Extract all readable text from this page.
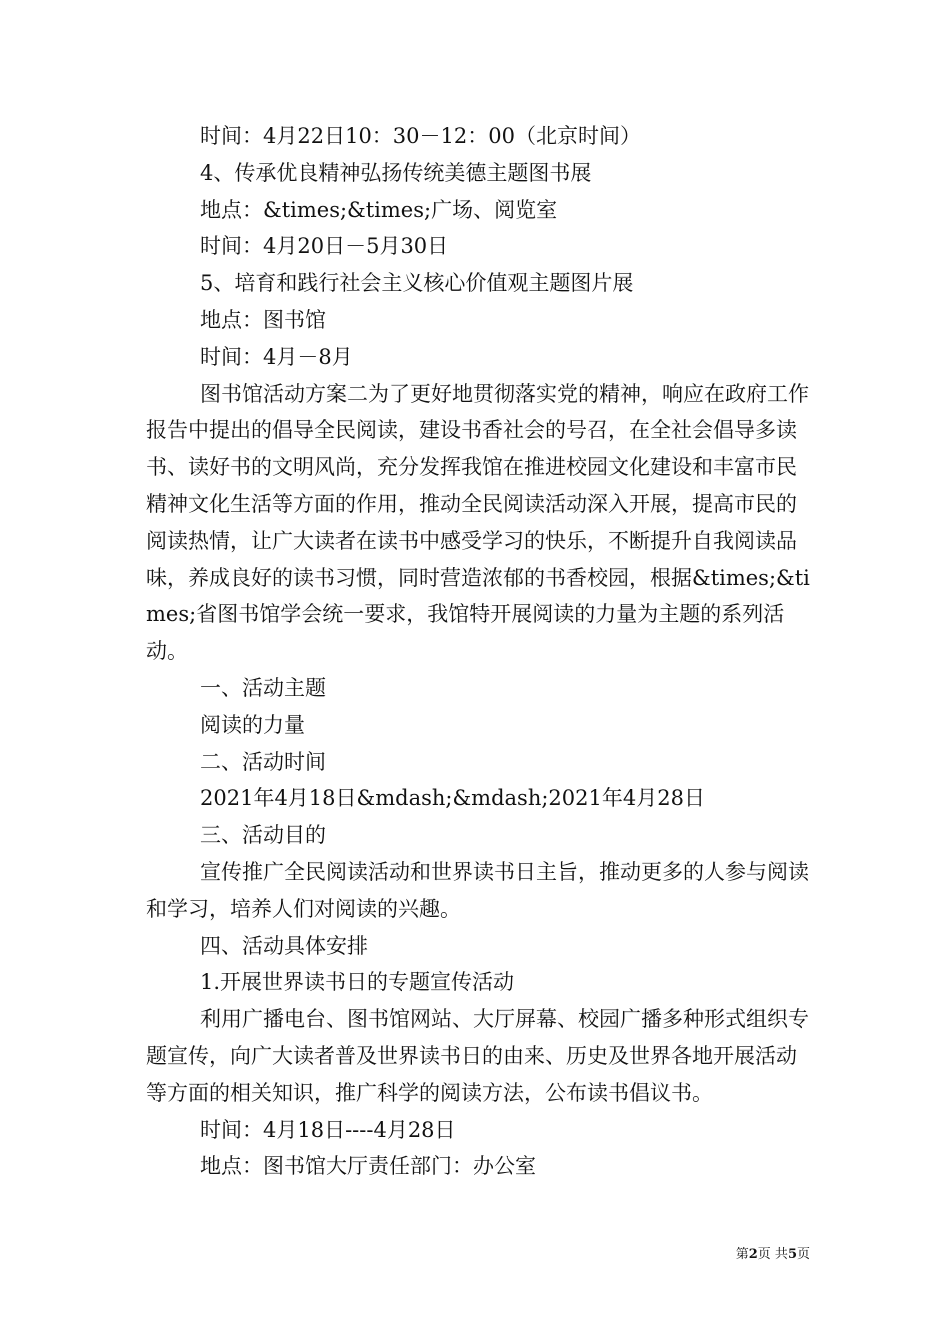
时间：4月22日10：30－12：00（北京时间）

4、传承优良精神弘扬传统美德主题图书展

地点：&times;&times;广场、阅览室

时间：4月20日－5月30日

5、培育和践行社会主义核心价值观主题图片展

地点：图书馆

时间：4月－8月

图书馆活动方案二为了更好地贯彻落实党的精神，响应在政府工作报告中提出的倡导全民阅读，建设书香社会的号召，在全社会倡导多读书、读好书的文明风尚，充分发挥我馆在推进校园文化建设和丰富市民精神文化生活等方面的作用，推动全民阅读活动深入开展，提高市民的阅读热情，让广大读者在读书中感受学习的快乐，不断提升自我阅读品味，养成良好的读书习惯，同时营造浓郁的书香校园，根据&times;&times;省图书馆学会统一要求，我馆特开展阅读的力量为主题的系列活动。

一、活动主题

阅读的力量

二、活动时间

2021年4月18日&mdash;&mdash;2021年4月28日

三、活动目的

宣传推广全民阅读活动和世界读书日主旨，推动更多的人参与阅读和学习，培养人们对阅读的兴趣。

四、活动具体安排

1.开展世界读书日的专题宣传活动

利用广播电台、图书馆网站、大厅屏幕、校园广播多种形式组织专题宣传，向广大读者普及世界读书日的由来、历史及世界各地开展活动等方面的相关知识，推广科学的阅读方法，公布读书倡议书。

时间：4月18日----4月28日

地点：图书馆大厅责任部门：办公室

第2页 共5页
